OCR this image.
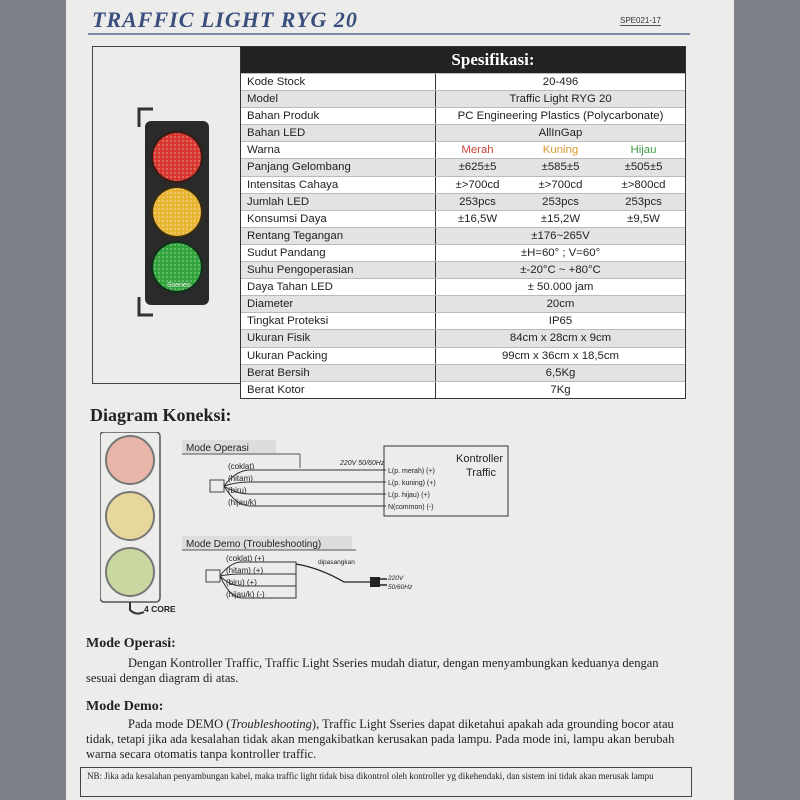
TRAFFIC LIGHT RYG 20	SPE021-17
Sseries
Spesifikasi:
Kode Stock	20-496
Model	Traffic Light RYG 20
Bahan Produk	PC Engineering Plastics (Polycarbonate)
Bahan LED	AllInGap
Warna	Merah	Kuning	Hijau
Panjang Gelombang	±625±5	±585±5	±505±5
Intensitas Cahaya	±>700cd	±>700cd	±>800cd
Jumlah LED	253pcs	253pcs	253pcs
Konsumsi Daya	±16,5W	±15,2W	±9,5W
Rentang Tegangan	±176~265V
Sudut Pandang	±H=60° ; V=60°
Suhu Pengoperasian	±-20°C ~ +80°C
Daya Tahan LED	± 50.000 jam
Diameter	20cm
Tingkat Proteksi	IP65
Ukuran Fisik	84cm x 28cm x 9cm
Ukuran Packing	99cm x 36cm x 18,5cm
Berat Bersih	6,5Kg
Berat Kotor	7Kg
Diagram Koneksi:
4 CORE
Mode Operasi
220V 50/60Hz
(coklat)
(hitam)
(biru)
(hijau/k)
Kontroller
Traffic
L(p. merah) (+)
L(p. kuning) (+)
L(p. hijau) (+)
N(common) (-)
Mode Demo (Troubleshooting)
(coklat) (+)
(hitam) (+)
(biru) (+)
(hijau/k) (-)
dipasangkan
220V
50/60Hz
Mode Operasi:
Dengan Kontroller Traffic, Traffic Light Sseries mudah diatur, dengan menyambungkan keduanya dengan sesuai dengan diagram di atas.
Mode Demo:
Pada mode DEMO (Troubleshooting), Traffic Light Sseries dapat diketahui apakah ada grounding bocor atau tidak, tetapi jika ada kesalahan tidak akan mengakibatkan kerusakan pada lampu. Pada mode ini, lampu akan berubah warna secara otomatis tanpa kontroller traffic.
NB: Jika ada kesalahan penyambungan kabel, maka traffic light tidak bisa dikontrol oleh kontroller yg dikehendaki, dan sistem ini tidak akan merusak lampu
